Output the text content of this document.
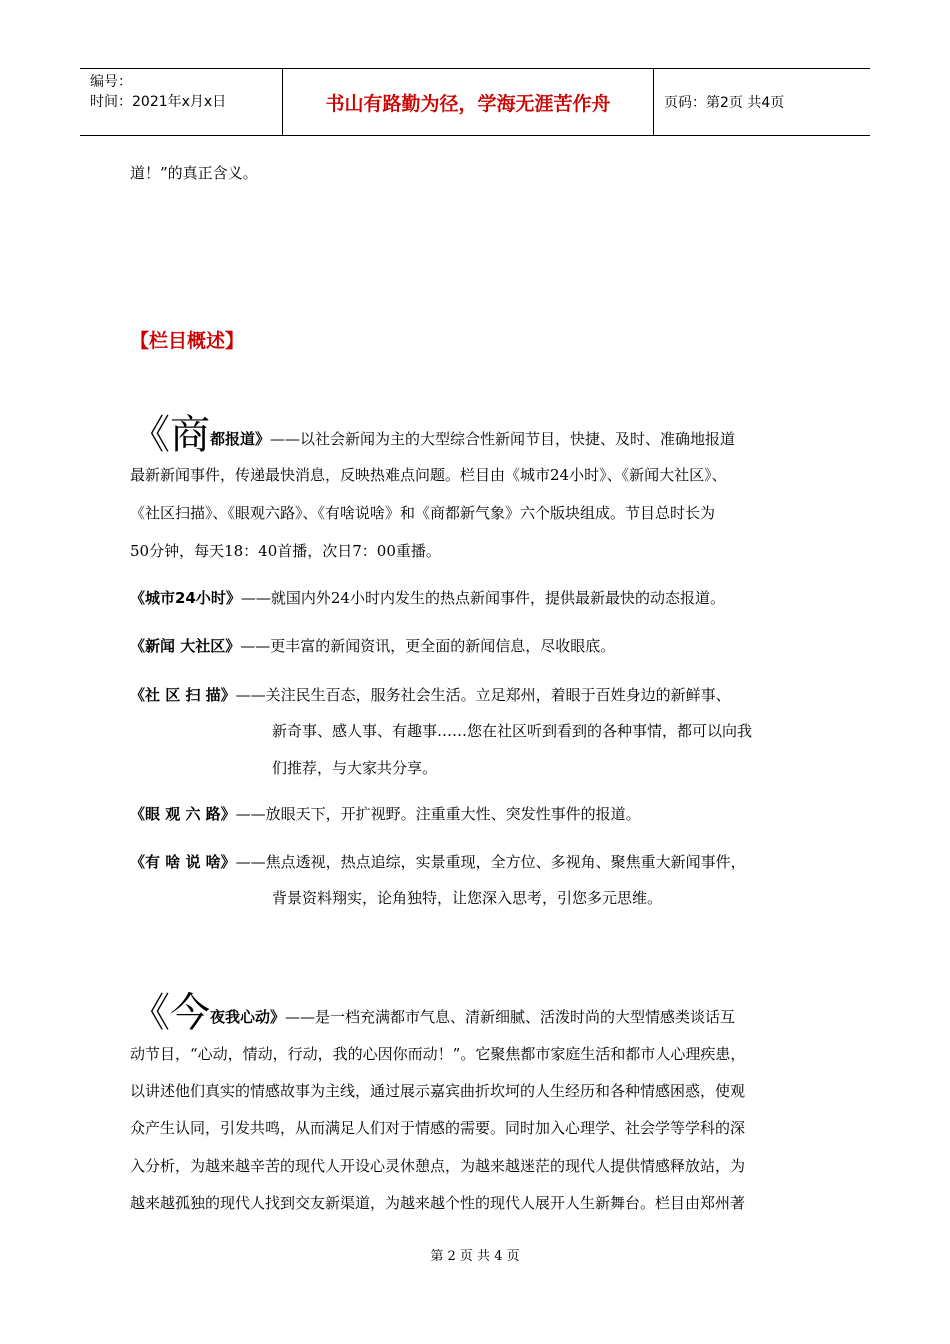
编号：
时间：2021年x月x日	书山有路勤为径，学海无涯苦作舟	页码：第2页 共4页
道！”的真正含义。
【栏目概述】
《商都报道》——以社会新闻为主的大型综合性新闻节目，快捷、及时、准确地报道
最新新闻事件，传递最快消息，反映热难点问题。栏目由《城市24小时》、《新闻大社区》、
《社区扫描》、《眼观六路》、《有啥说啥》和《商都新气象》六个版块组成。节目总时长为
50分钟，每天18：40首播，次日7：00重播。
《城市24小时》——就国内外24小时内发生的热点新闻事件，提供最新最快的动态报道。
《新闻 大社区》——更丰富的新闻资讯，更全面的新闻信息，尽收眼底。
《社 区 扫 描》——关注民生百态，服务社会生活。立足郑州，着眼于百姓身边的新鲜事、
新奇事、感人事、有趣事……您在社区听到看到的各种事情，都可以向我
们推荐，与大家共分享。
《眼 观 六 路》——放眼天下，开扩视野。注重重大性、突发性事件的报道。
《有 啥 说 啥》——焦点透视，热点追综，实景重现，全方位、多视角、聚焦重大新闻事件，
背景资料翔实，论角独特，让您深入思考，引您多元思维。
《今夜我心动》——是一档充满都市气息、清新细腻、活泼时尚的大型情感类谈话互
动节目，“心动，情动，行动，我的心因你而动！”。它聚焦都市家庭生活和都市人心理疾患，
以讲述他们真实的情感故事为主线，通过展示嘉宾曲折坎坷的人生经历和各种情感困惑，使观
众产生认同，引发共鸣，从而满足人们对于情感的需要。同时加入心理学、社会学等学科的深
入分析，为越来越辛苦的现代人开设心灵休憩点，为越来越迷茫的现代人提供情感释放站，为
越来越孤独的现代人找到交友新渠道，为越来越个性的现代人展开人生新舞台。栏目由郑州著
第 2 页 共 4 页
